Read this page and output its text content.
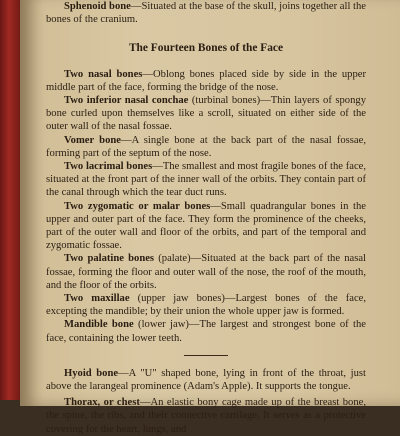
Sphenoid bone—Situated at the base of the skull, joins together all the bones of the cranium.

The Fourteen Bones of the Face

Two nasal bones—Oblong bones placed side by side in the upper middle part of the face, forming the bridge of the nose.

Two inferior nasal conchae (turbinal bones)—Thin layers of spongy bone curled upon themselves like a scroll, situated on either side of the outer wall of the nasal fossae.

Vomer bone—A single bone at the back part of the nasal fossae, forming part of the septum of the nose.

Two lacrimal bones—The smallest and most fragile bones of the face, situated at the front part of the inner wall of the orbits. They contain part of the canal through which the tear duct runs.

Two zygomatic or malar bones—Small quadrangular bones in the upper and outer part of the face. They form the prominence of the cheeks, part of the outer wall and floor of the orbits, and part of the temporal and zygomatic fossae.

Two palatine bones (palate)—Situated at the back part of the nasal fossae, forming the floor and outer wall of the nose, the roof of the mouth, and the floor of the orbits.

Two maxillae (upper jaw bones)—Largest bones of the face, excepting the mandible; by their union the whole upper jaw is formed.

Mandible bone (lower jaw)—The largest and strongest bone of the face, containing the lower teeth.

Hyoid bone—A "U" shaped bone, lying in front of the throat, just above the larangeal prominence (Adam's Apple). It supports the tongue.

Thorax, or chest—An elastic bony cage made up of the breast bone, the spine, the ribs, and their connective cartilage. It serves as a protective covering for the heart, lungs, and
